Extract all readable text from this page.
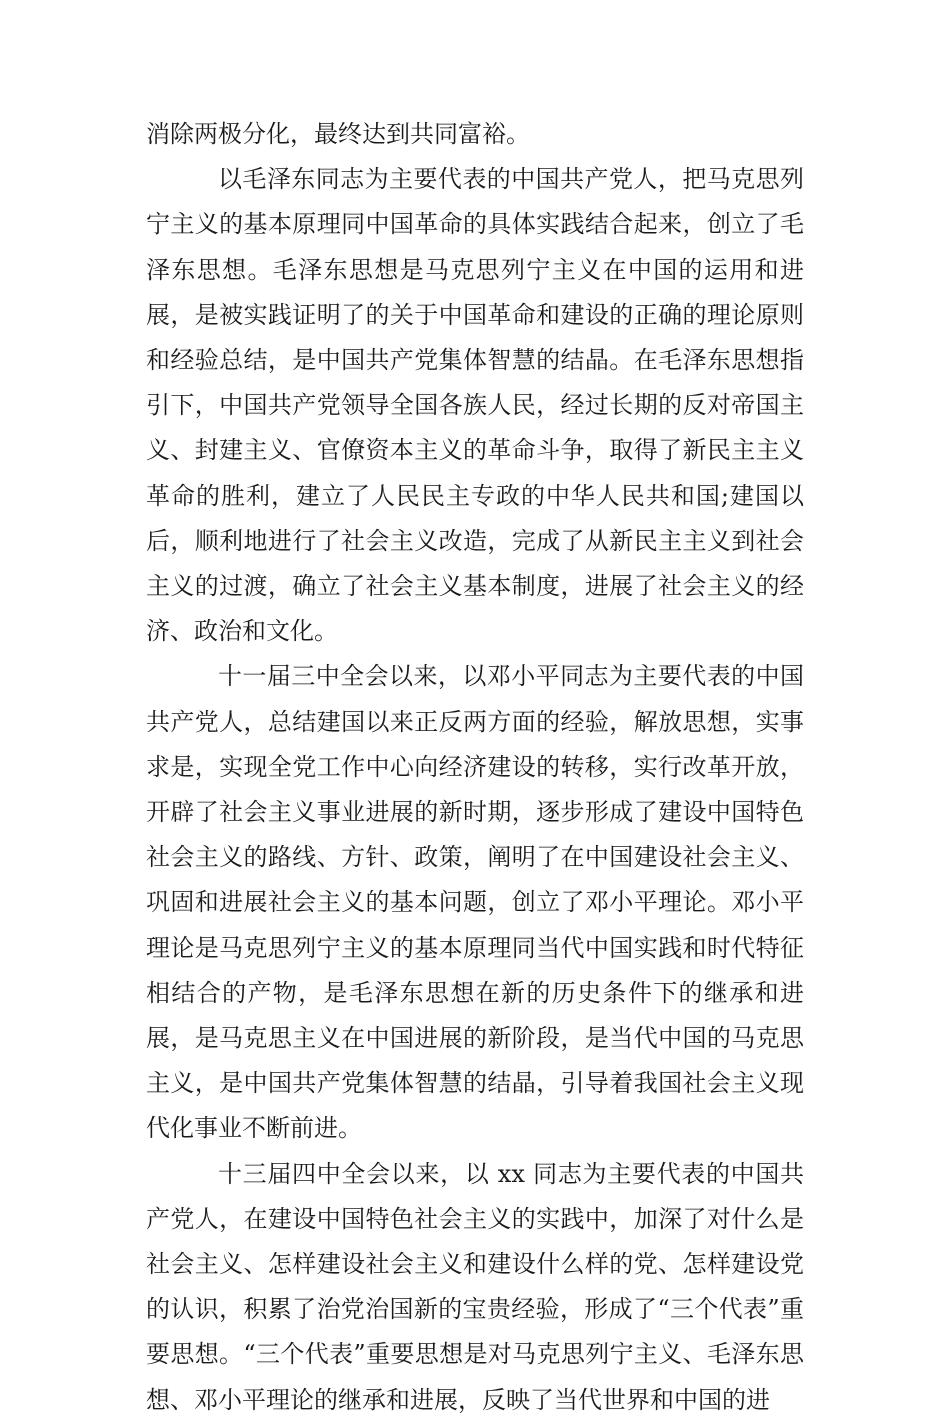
消除两极分化，最终达到共同富裕。

以毛泽东同志为主要代表的中国共产党人，把马克思列宁主义的基本原理同中国革命的具体实践结合起来，创立了毛泽东思想。毛泽东思想是马克思列宁主义在中国的运用和进展，是被实践证明了的关于中国革命和建设的正确的理论原则和经验总结，是中国共产党集体智慧的结晶。在毛泽东思想指引下，中国共产党领导全国各族人民，经过长期的反对帝国主义、封建主义、官僚资本主义的革命斗争，取得了新民主主义革命的胜利，建立了人民民主专政的中华人民共和国;建国以后，顺利地进行了社会主义改造，完成了从新民主主义到社会主义的过渡，确立了社会主义基本制度，进展了社会主义的经济、政治和文化。

十一届三中全会以来，以邓小平同志为主要代表的中国共产党人，总结建国以来正反两方面的经验，解放思想，实事求是，实现全党工作中心向经济建设的转移，实行改革开放，开辟了社会主义事业进展的新时期，逐步形成了建设中国特色社会主义的路线、方针、政策，阐明了在中国建设社会主义、巩固和进展社会主义的基本问题，创立了邓小平理论。邓小平理论是马克思列宁主义的基本原理同当代中国实践和时代特征相结合的产物，是毛泽东思想在新的历史条件下的继承和进展，是马克思主义在中国进展的新阶段，是当代中国的马克思主义，是中国共产党集体智慧的结晶，引导着我国社会主义现代化事业不断前进。

十三届四中全会以来，以 xx 同志为主要代表的中国共产党人，在建设中国特色社会主义的实践中，加深了对什么是社会主义、怎样建设社会主义和建设什么样的党、怎样建设党的认识，积累了治党治国新的宝贵经验，形成了“三个代表”重要思想。“三个代表”重要思想是对马克思列宁主义、毛泽东思想、邓小平理论的继承和进展，反映了当代世界和中国的进
